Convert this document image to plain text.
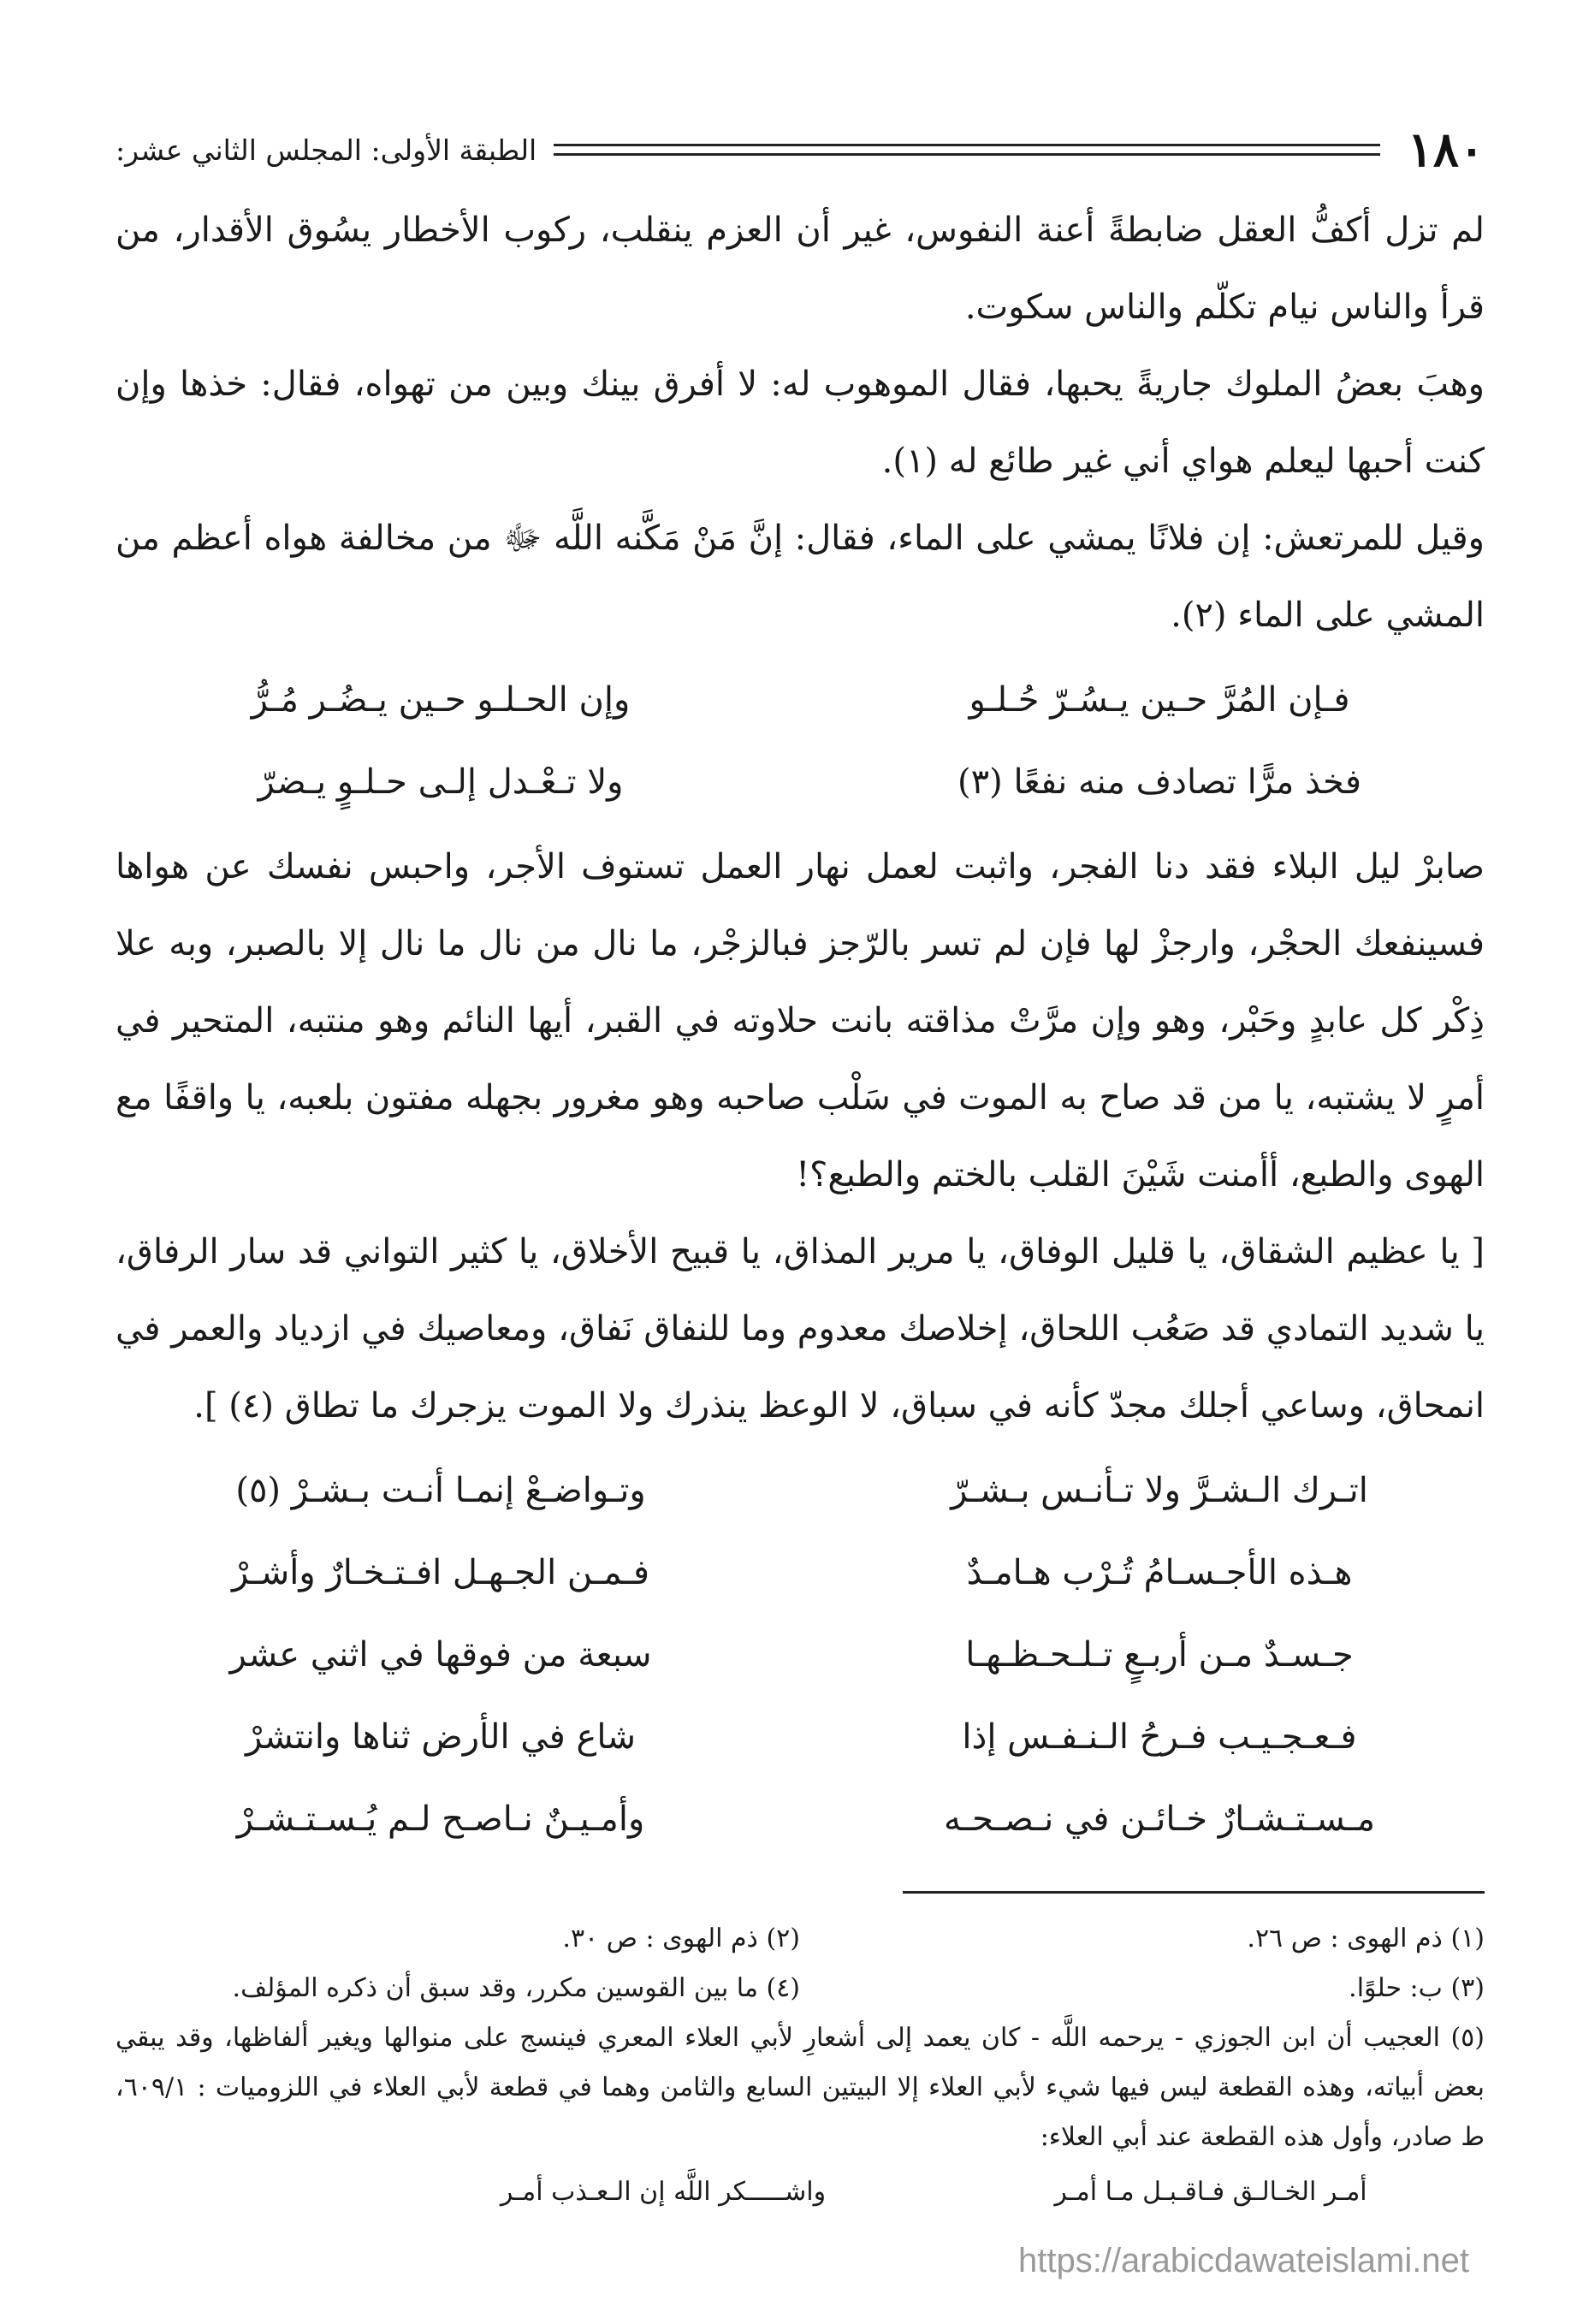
١٨٠
الطبقة الأولى: المجلس الثاني عشر:

لم تزل أكفُّ العقل ضابطةً أعنة النفوس، غير أن العزم ينقلب، ركوب الأخطار يسُوق الأقدار، من قرأ والناس نيام تكلّم والناس سكوت.

وهبَ بعضُ الملوك جاريةً يحبها، فقال الموهوب له: لا أفرق بينك وبين من تهواه، فقال: خذها وإن كنت أحبها ليعلم هواي أني غير طائع له (١).

وقيل للمرتعش: إن فلانًا يمشي على الماء، فقال: إنَّ مَنْ مَكَّنه اللَّه ﷻ من مخالفة هواه أعظم من المشي على الماء (٢).

فـإن المُرَّ حـين يـسُـرّ حُـلـو
وإن الحـلـو حـين يـضُـر مُـرُّ
فخذ مرًّا تصادف منه نفعًا (٣)
ولا تـعْـدل إلـى حـلـوٍ يـضرّ

صابرْ ليل البلاء فقد دنا الفجر، واثبت لعمل نهار العمل تستوف الأجر، واحبس نفسك عن هواها فسينفعك الحجْر، وارجزْ لها فإن لم تسر بالرّجز فبالزجْر، ما نال من نال ما نال إلا بالصبر، وبه علا ذِكْر كل عابدٍ وحَبْر، وهو وإن مرَّتْ مذاقته بانت حلاوته في القبر، أيها النائم وهو منتبه، المتحير في أمرٍ لا يشتبه، يا من قد صاح به الموت في سَلْب صاحبه وهو مغرور بجهله مفتون بلعبه، يا واقفًا مع الهوى والطبع، أأمنت شَيْنَ القلب بالختم والطبع؟!

[ يا عظيم الشقاق، يا قليل الوفاق، يا مرير المذاق، يا قبيح الأخلاق، يا كثير التواني قد سار الرفاق، يا شديد التمادي قد صَعُب اللحاق، إخلاصك معدوم وما للنفاق نَفاق، ومعاصيك في ازدياد والعمر في انمحاق، وساعي أجلك مجدّ كأنه في سباق، لا الوعظ ينذرك ولا الموت يزجرك ما تطاق (٤) ].

اتـرك الـشـرَّ ولا تـأنـس بـشـرّ
وتـواضـعْ إنمـا أنـت بـشـرْ (٥)
هـذه الأجـسـامُ تُـرْب هـامـدٌ
فـمـن الجـهـل افـتـخـارٌ وأشـرْ
جـسـدٌ مـن أربـعٍ تـلـحـظـهـا
سبعة من فوقها في اثني عشر
فـعـجـيـب فـرحُ الـنـفـس إذا
شاع في الأرض ثناها وانتشرْ
مـسـتـشـارٌ خـائـن في نـصـحـه
وأمـيـنٌ نـاصـح لـم يُـسـتـشـرْ
(١) ذم الهوى : ص ٢٦.
(٢) ذم الهوى : ص ٣٠.
(٣) ب: حلوًا.
(٤) ما بين القوسين مكرر، وقد سبق أن ذكره المؤلف.
(٥) العجيب أن ابن الجوزي - يرحمه اللَّه - كان يعمد إلى أشعارِ لأبي العلاء المعري فينسج على منوالها ويغير ألفاظها، وقد يبقي بعض أبياته، وهذه القطعة ليس فيها شيء لأبي العلاء إلا البيتين السابع والثامن وهما في قطعة لأبي العلاء في اللزوميات : ٦٠٩/١، ط صادر، وأول هذه القطعة عند أبي العلاء:
أمـر الخـالـق فـاقـبـل مـا أمـر
واشـــــكر اللَّه إن الـعـذب أمـر
https://arabicdawateislami.net
